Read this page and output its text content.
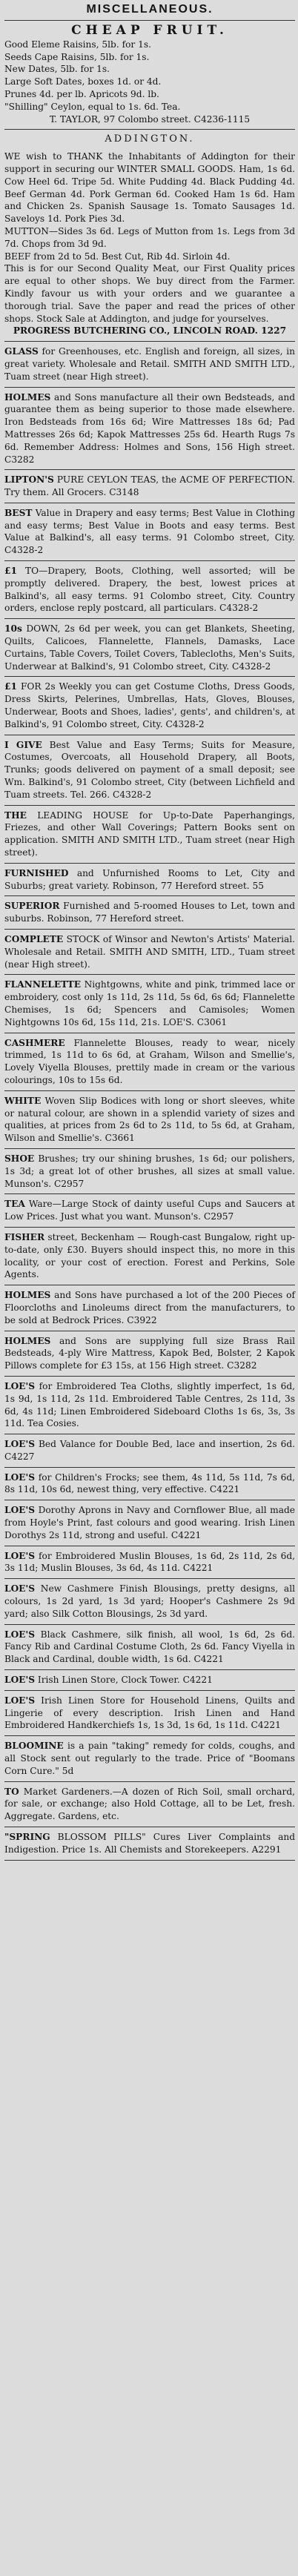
MISCELLANEOUS.
CHEAP FRUIT.
Good Eleme Raisins, 5lb. for 1s.
Seeds Cape Raisins, 5lb. for 1s.
New Dates, 5lb. for 1s.
Large Soft Dates, boxes 1d. or 4d.
Prunes 4d. per lb. Apricots 9d. lb.
"Shilling" Ceylon, equal to 1s. 6d. Tea.
T. TAYLOR, 97 Colombo street. C4236-1115
ADDINGTON.
WE wish to THANK the Inhabitants of Addington for their support in securing our WINTER SMALL GOODS. Ham, 1s 6d. Cow Heel 6d. Tripe 5d. White Pudding 4d. Black Pudding 4d. Beef German 4d. Pork German 6d. Cooked Ham 1s 6d. Ham and Chicken 2s. Spanish Sausage 1s. Tomato Sausages 1d. Saveloys 1d. Pork Pies 3d.
MUTTON—Sides 3s 6d. Legs of Mutton from 1s. Legs from 3d 7d. Chops from 3d 9d.
BEEF from 2d to 5d. Best Cut, Rib 4d. Sirloin 4d.
This is for our Second Quality Meat, our First Quality prices are equal to other shops. We buy direct from the Farmer. Kindly favour us with your orders and we guarantee a thorough trial. Save the paper and read the prices of other shops. Stock Sale at Addington, and judge for yourselves.
PROGRESS BUTCHERING CO., LINCOLN ROAD. 1227
GLASS for Greenhouses, etc. English and foreign, all sizes, in great variety. Wholesale and Retail. SMITH AND SMITH LTD., Tuam street (near High street).
HOLMES and Sons manufacture all their own Bedsteads, and guarantee them as being superior to those made elsewhere. Iron Bedsteads from 16s 6d; Wire Mattresses 18s 6d; Pad Mattresses 26s 6d; Kapok Mattresses 25s 6d. Hearth Rugs 7s 6d. Remember Address: Holmes and Sons, 156 High street. C3282
LIPTON'S PURE CEYLON TEAS, the ACME OF PERFECTION. Try them. All Grocers. C3148
BEST Value in Drapery and easy terms; Best Value in Clothing and easy terms; Best Value in Boots and easy terms. Best Value at Balkind's, all easy terms. 91 Colombo street, City. C4328-2
£1 TO—Drapery, Boots, Clothing, well assorted; will be promptly delivered. Drapery, the best, lowest prices at Balkind's, all easy terms. 91 Colombo street, City. Country orders, enclose reply postcard, all particulars. C4328-2
10s DOWN, 2s 6d per week, you can get Blankets, Sheeting, Quilts, Calicoes, Flannelette, Flannels, Damasks, Lace Curtains, Table Covers, Toilet Covers, Tablecloths, Men's Suits, Underwear at Balkind's, 91 Colombo street, City. C4328-2
£1 FOR 2s Weekly you can get Costume Cloths, Dress Goods, Dress Skirts, Pelerines, Umbrellas, Hats, Gloves, Blouses, Underwear, Boots and Shoes, ladies', gents', and children's, at Balkind's, 91 Colombo street, City. C4328-2
I GIVE Best Value and Easy Terms; Suits for Measure, Costumes, Overcoats, all Household Drapery, all Boots, Trunks; goods delivered on payment of a small deposit; see Wm. Balkind's, 91 Colombo street, City (between Lichfield and Tuam streets. Tel. 266. C4328-2
THE LEADING HOUSE for Up-to-Date Paperhangings, Friezes, and other Wall Coverings; Pattern Books sent on application. SMITH AND SMITH LTD., Tuam street (near High street).
FURNISHED and Unfurnished Rooms to Let, City and Suburbs; great variety. Robinson, 77 Hereford street. 55
SUPERIOR Furnished and 5-roomed Houses to Let, town and suburbs. Robinson, 77 Hereford street.
COMPLETE STOCK of Winsor and Newton's Artists' Material. Wholesale and Retail. SMITH AND SMITH, LTD., Tuam street (near High street).
FLANNELETTE Nightgowns, white and pink, trimmed lace or embroidery, cost only 1s 11d, 2s 11d, 5s 6d, 6s 6d; Flannelette Chemises, 1s 6d; Spencers and Camisoles; Women Nightgowns 10s 6d, 15s 11d, 21s. LOE'S. C3061
CASHMERE Flannelette Blouses, ready to wear, nicely trimmed, 1s 11d to 6s 6d, at Graham, Wilson and Smellie's, Lovely Viyella Blouses, prettily made in cream or the various colourings, 10s to 15s 6d.
WHITE Woven Slip Bodices with long or short sleeves, white or natural colour, are shown in a splendid variety of sizes and qualities, at prices from 2s 6d to 2s 11d, to 5s 6d, at Graham, Wilson and Smellie's. C3661
SHOE Brushes; try our shining brushes, 1s 6d; our polishers, 1s 3d; a great lot of other brushes, all sizes at small value. Munson's. C2957
TEA Ware—Large Stock of dainty useful Cups and Saucers at Low Prices. Just what you want. Munson's. C2957
FISHER street, Beckenham — Rough-cast Bungalow, right up-to-date, only £30. Buyers should inspect this, no more in this locality, or your cost of erection. Forest and Perkins, Sole Agents.
HOLMES and Sons have purchased a lot of the 200 Pieces of Floorcloths and Linoleums direct from the manufacturers, to be sold at Bedrock Prices. C3922
HOLMES and Sons are supplying full size Brass Rail Bedsteads, 4-ply Wire Mattress, Kapok Bed, Bolster, 2 Kapok Pillows complete for £3 15s, at 156 High street. C3282
LOE'S for Embroidered Tea Cloths, slightly imperfect, 1s 6d, 1s 9d, 1s 11d, 2s 11d. Embroidered Table Centres, 2s 11d, 3s 6d, 4s 11d; Linen Embroidered Sideboard Cloths 1s 6s, 3s, 3s 11d. Tea Cosies.
LOE'S Bed Valance for Double Bed, lace and insertion, 2s 6d. C4227
LOE'S for Children's Frocks; see them, 4s 11d, 5s 11d, 7s 6d, 8s 11d, 10s 6d, newest thing, very effective. C4221
LOE'S Dorothy Aprons in Navy and Cornflower Blue, all made from Hoyle's Print, fast colours and good wearing. Irish Linen Dorothys 2s 11d, strong and useful. C4221
LOE'S for Embroidered Muslin Blouses, 1s 6d, 2s 11d, 2s 6d, 3s 11d; Muslin Blouses, 3s 6d, 4s 11d. C4221
LOE'S New Cashmere Finish Blousings, pretty designs, all colours, 1s 2d yard, 1s 3d yard; Hooper's Cashmere 2s 9d yard; also Silk Cotton Blousings, 2s 3d yard.
LOE'S Black Cashmere, silk finish, all wool, 1s 6d, 2s 6d. Fancy Rib and Cardinal Costume Cloth, 2s 6d. Fancy Viyella in Black and Cardinal, double width, 1s 6d. C4221
LOE'S Irish Linen Store, Clock Tower. C4221
LOE'S Irish Linen Store for Household Linens, Quilts and Lingerie of every description. Irish Linen and Hand Embroidered Handkerchiefs 1s, 1s 3d, 1s 6d, 1s 11d. C4221
BLOOMINE is a pain "taking" remedy for colds, coughs, and all Stock sent out regularly to the trade. Price of "Boomans Corn Cure." 5d
TO Market Gardeners.—A dozen of Rich Soil, small orchard, for sale, or exchange; also Hold Cottage, all to be Let, fresh. Aggregate. Gardens, etc.
"SPRING BLOSSOM PILLS" Cures Liver Complaints and Indigestion. Price 1s. All Chemists and Storekeepers. A2291
